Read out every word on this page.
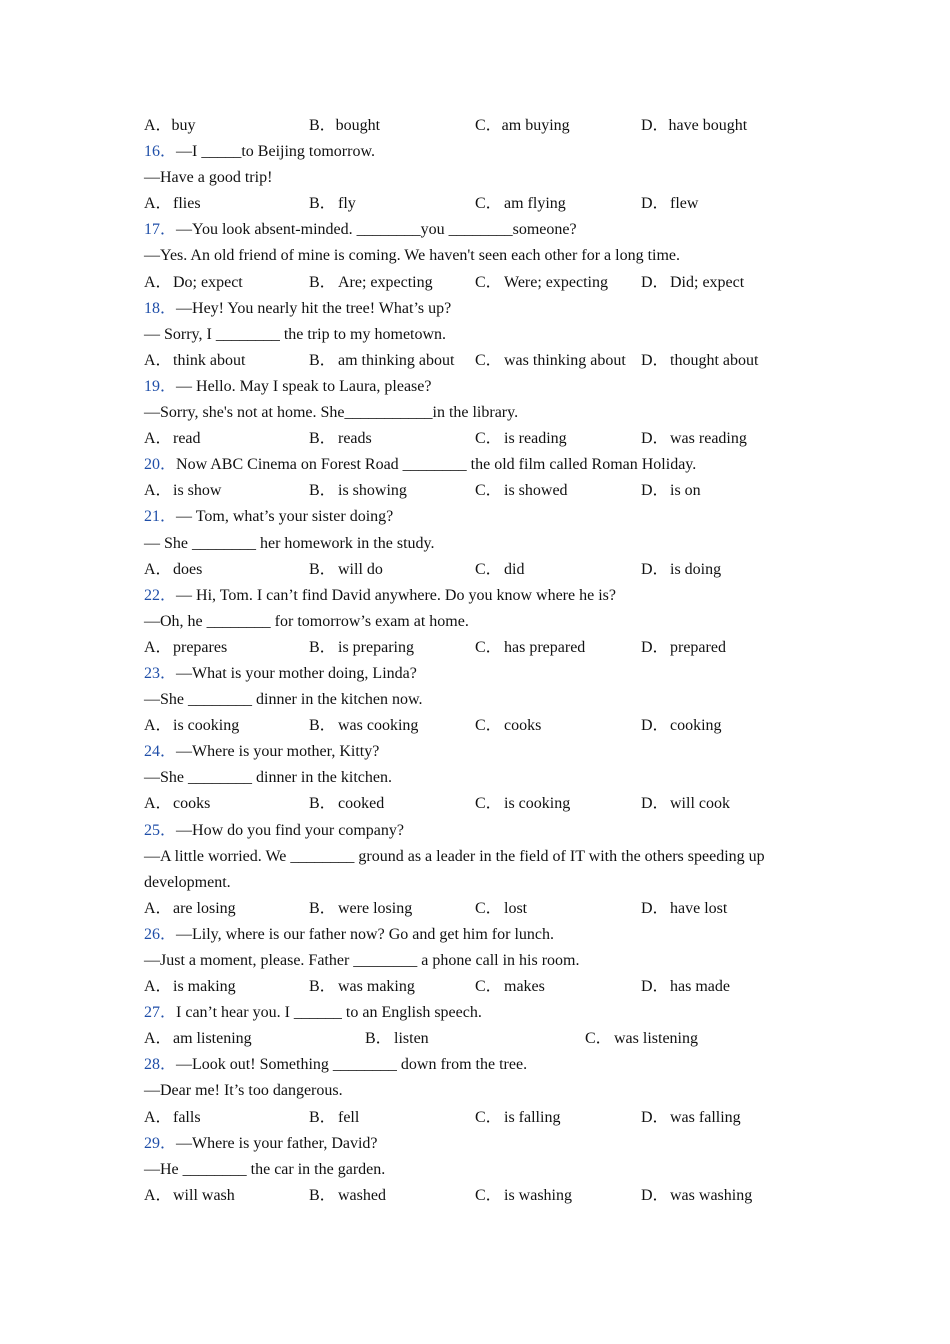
A．buy	B．bought	C．am buying	D．have bought
16．—I _____to Beijing tomorrow.
—Have a good trip!
A．flies	B． fly	C． am flying	D．flew
17．—You look absent-minded. ________you ________someone?
—Yes. An old friend of mine is coming. We haven't seen each other for a long time.
A．Do; expect	B． Are; expecting	C． Were; expecting D．Did; expect
18．—Hey! You nearly hit the tree! What’s up?
— Sorry, I ________ the trip to my hometown.
A．think about	B． am thinking about C． was thinking about D．thought about
19．— Hello. May I speak to Laura, please?
—Sorry, she's not at home. She___________in the library.
A．read	B． reads	C． is reading	D．was reading
20．Now ABC Cinema on Forest Road ________ the old film called Roman Holiday.
A．is show	B． is showing	C． is showed	D．is on
21．— Tom, what’s your sister doing?
— She ________ her homework in the study.
A．does	B． will do	C． did	D．is doing
22．— Hi, Tom. I can’t find David anywhere. Do you know where he is?
—Oh, he ________ for tomorrow’s exam at home.
A．prepares	B． is preparing	C． has prepared	D．prepared
23．—What is your mother doing, Linda?
—She ________ dinner in the kitchen now.
A．is cooking	B． was cooking	C． cooks	D．cooking
24．—Where is your mother, Kitty?
—She ________ dinner in the kitchen.
A．cooks	B． cooked	C． is cooking	D．will cook
25．—How do you find your company?
—A little worried. We ________ ground as a leader in the field of IT with the others speeding up development.
A．are losing	B． were losing	C． lost	D．have lost
26．—Lily, where is our father now? Go and get him for lunch.
—Just a moment, please. Father ________ a phone call in his room.
A．is making	B． was making	C． makes	D．has made
27．I can’t hear you. I ______ to an English speech.
A．am listening	B． listen	C． was listening
28．—Look out! Something ________ down from the tree.
—Dear me! It’s too dangerous.
A．falls	B． fell	C． is falling	D．was falling
29．—Where is your father, David?
—He ________ the car in the garden.
A．will wash	B． washed	C． is washing	D．was washing
